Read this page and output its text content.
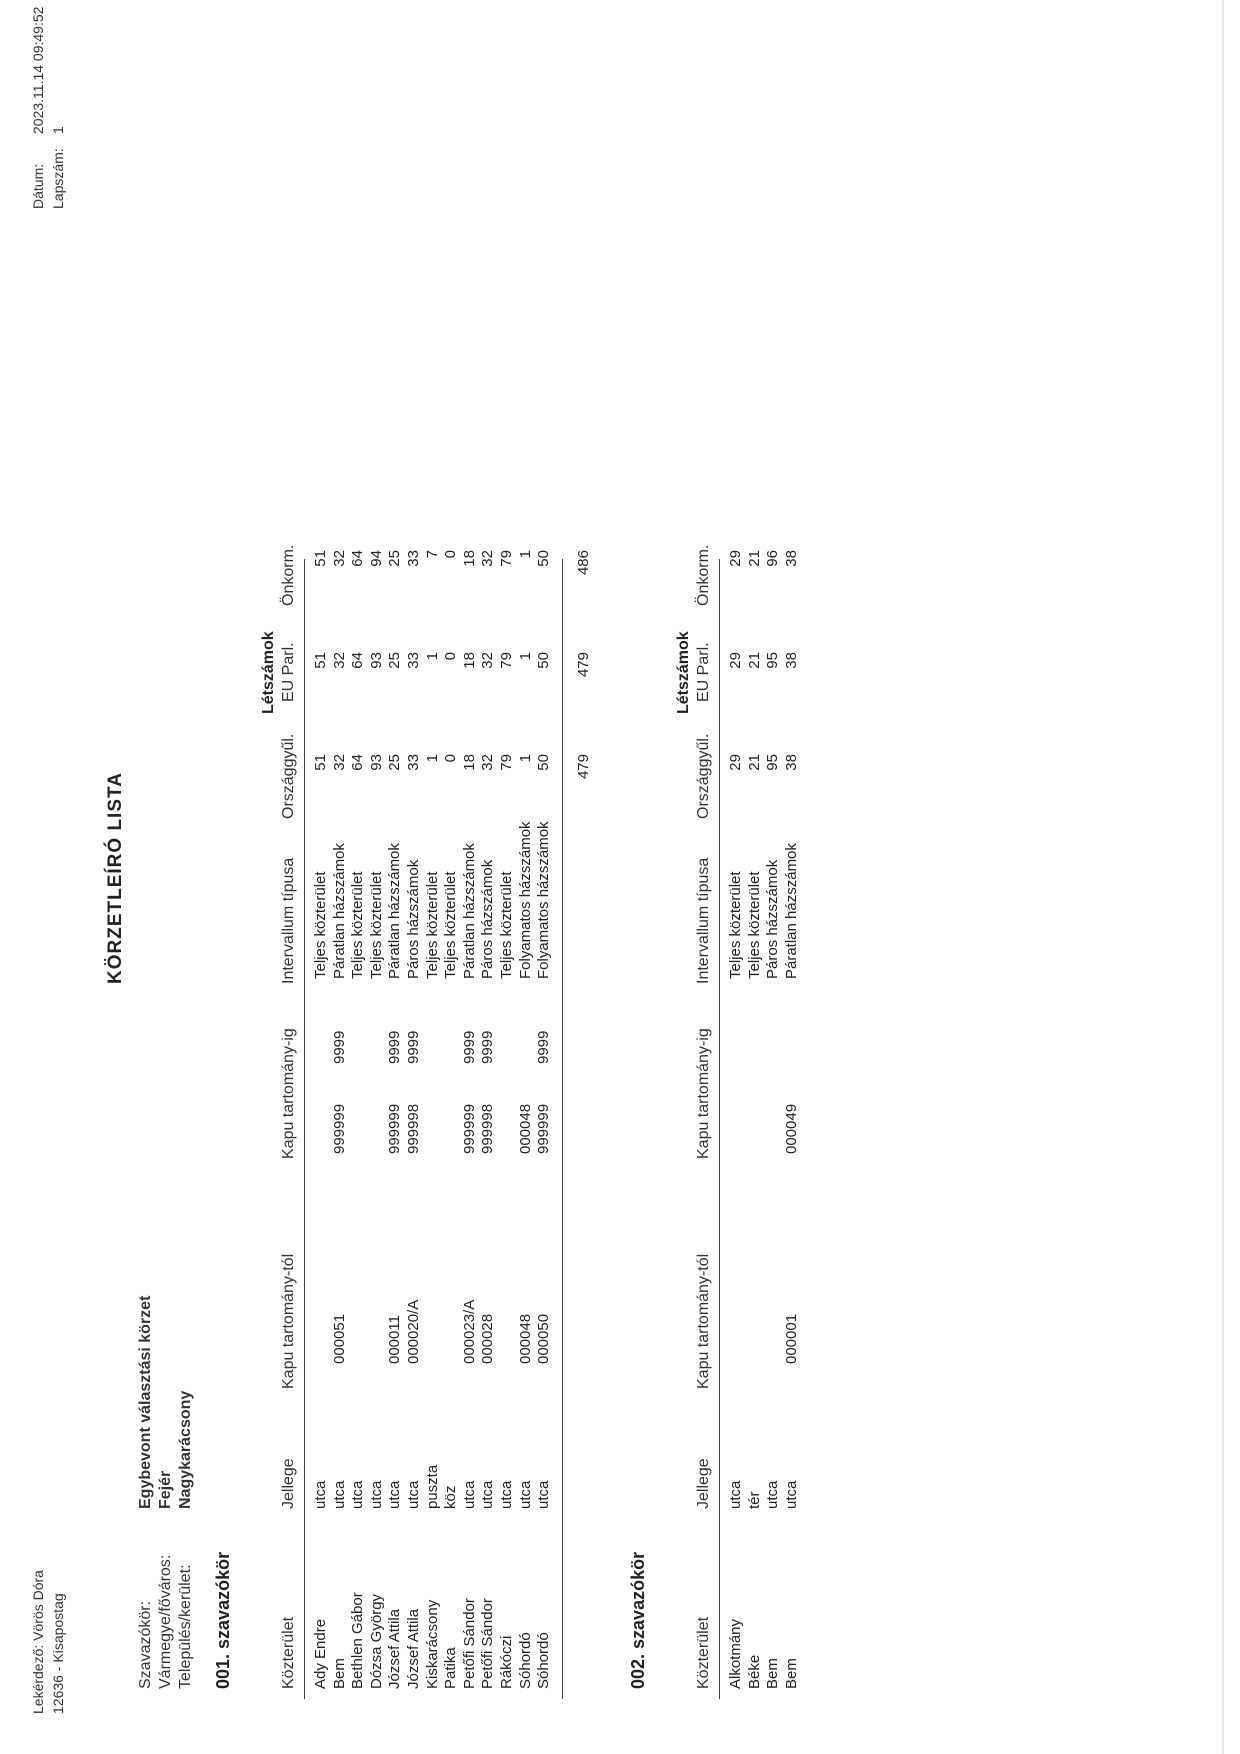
Lekérdező: Vörös Dóra 12636 - Kisapostag
Dátum:
2023.11.14 09:49:52
Lapszám:
1
KÖRZETLEÍRÓ LISTA
Szavazókör: Vármegye/főváros: Település/kerület:
Egybevont választási körzet Fejér Nagykarácsony
001. szavazókör
Létszámok
Közterület
Jellege
Kapu tartomány-tól
Kapu tartomány-ig
Intervallum típusa
Országgyűl.
EU Parl.
Önkorm.
Ady Endre
utca
Teljes közterület
51
51
51
Bem
utca
000051
999999
9999
Páratlan házszámok
32
32
32
Bethlen Gábor
utca
Teljes közterület
64
64
64
Dózsa György
utca
Teljes közterület
93
93
94
József Attila
utca
000011
999999
9999
Páratlan házszámok
25
25
25
József Attila
utca
000020/A
999998
9999
Páros házszámok
33
33
33
Kiskarácsony
puszta
Teljes közterület
1
1
7
Patika
köz
Teljes közterület
0
0
0
Petőfi Sándor
utca
000023/A
999999
9999
Páratlan házszámok
18
18
18
Petőfi Sándor
utca
000028
999998
9999
Páros házszámok
32
32
32
Rákóczi
utca
Teljes közterület
79
79
79
Sóhordó
utca
000048
000048
Folyamatos házszámok
1
1
1
Sóhordó
utca
000050
999999
9999
Folyamatos házszámok
50
50
50
479
479
486
002. szavazókör
Létszámok
Közterület
Jellege
Kapu tartomány-tól
Kapu tartomány-ig
Intervallum típusa
Országgyűl.
EU Parl.
Önkorm.
Alkotmány
utca
Teljes közterület
29
29
29
Béke
tér
Teljes közterület
21
21
21
Bem
utca
Páros házszámok
95
95
96
Bem
utca
000001
000049
Páratlan házszámok
38
38
38
